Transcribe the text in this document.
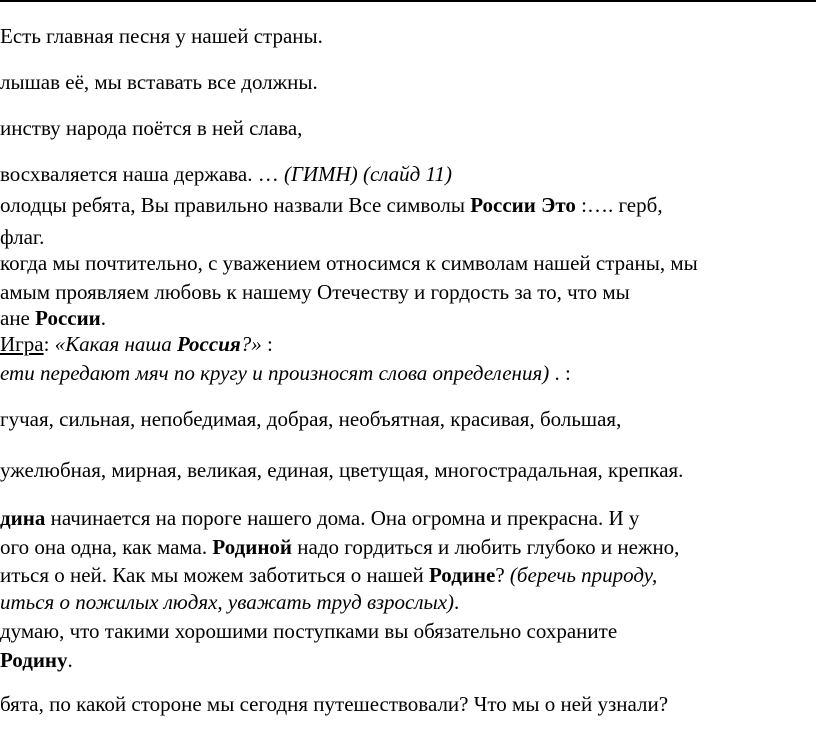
Есть главная песня у нашей страны.
лышав её, мы вставать все должны.
инству народа поётся в ней слава,
восхваляется наша держава. … (ГИМН) (слайд 11)
олодцы ребята, Вы правильно назвали Все символы России Это :…. герб,
флаг.
когда мы почтительно, с уважением относимся к символам нашей страны, мы
амым проявляем любовь к нашему Отечеству и гордость за то, что мы
ане России.
Игра: «Какая наша Россия?» :
ети передают мяч по кругу и произносят слова определения) . :
гучая, сильная, непобедимая, добрая, необъятная, красивая, большая,
ужелюбная, мирная, великая, единая, цветущая, многострадальная, крепкая.
дина начинается на пороге нашего дома. Она огромна и прекрасна. И у
ого она одна, как мама. Родиной надо гордиться и любить глубоко и нежно,
иться о ней. Как мы можем заботиться о нашей Родине? (беречь природу,
иться о пожилых людях, уважать труд взрослых).
думаю, что такими хорошими поступками вы обязательно сохраните
Родину.
бята, по какой стороне мы сегодня путешествовали? Что мы о ней узнали?
